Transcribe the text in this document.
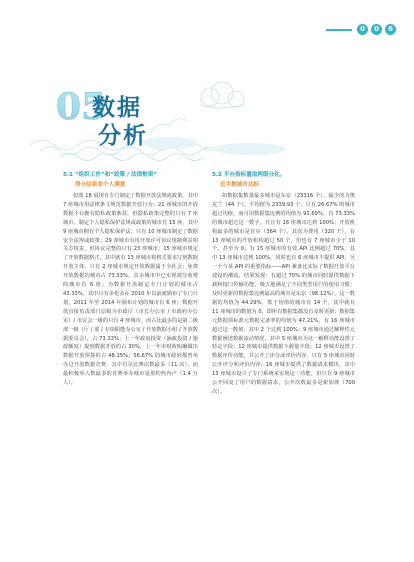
0	0	6
05
数据
分析
5.1 “组织工作”和“政策 / 法律框架”
得分结果差个人满意

如图 18 展现有专门制定了数据开放法规或政策。其中 7 座城市用法律条文规范数据开放行为；21 座城市的开放数据平台拥有隐私政策条款，但隐私政策完整的只有 7 座城市。制定个人隐私保护法规或政策的城市有 15 座，其中 9 座城市拥有个人隐私保护法；只有 10 座城市制定了数据安全法规或政策；29 座城市有用开放许可协议规制利益相关方权责，但协议完整的只有 23 座城市；15 座城市规定了开放数据格式，其中就有 13 座城市将格式要求写到数据开放主体，只有 2 座城市规定开放数据属于全社会；免费开放数据的城市占 73.33%，其余城市中已实现部分收费的城市有 6 座；为数据开放制定专门计划的城市占 43.33%，其中只有多伦多在 2010 年以前就颁布了专门计划，2011 年至 2014 年颁布计划的城市有 6 座；数据开放直接负责部门层级为市政厅（市长办公室 / 市政府办公室）/ 市议会一级的只有 4 座城市，而占比最多的是第二级部一级（厅 / 部 / 专项职能办公室 / 开放数据小组 / 开放数据委员会），占 73.33%；上一年政府投资（涵政投资 / 施政额度）提到数据开放的占 30%，上一年市财政明确做出数据开放预算的占 48.15%；56.67% 的城市政府都曾举办过开放数据竞赛，其中首尔比赛次数最多（11 次），而最积极举人数最多的竞赛举办城市是墨约热内卢（1.4 万人）。

5.2 平台指标量取两级分化。
近半数城市达标

如数据集数量最多城市是东京（23316 个），最少的为奥克兰（44 个），平均值为 2339.93 个，只有 26.67% 的城市超过均值。而可用数据集比例的均值为 91.69%，有 73.33% 的城市超过这一数字，并且有 16 座城市达到 100%；开放机构最多的城市是首尔（364 个），其次为费用（320 个），有 13 座城市的开放机构超过 50 个，但也有 7 座城市少于 10 个，甚至为 0；有 15 座城市的有效 API 比例超过 70%，其中 13 座城市达到 100%，同时也有 6 座城市不提供 API。另一个与某 API 的重要指标——API 兼备比实际了数据开放平台建设的潮流，结果发现：有超过 70% 的城市同时提供数据下载和接口传输功能，极大地满足了不同类型用户的使用习惯；及时更新的数据集比例最高的城市是东京（98.12%），这一数据的均值为 44.29%，低于均值的城市有 14 个，其中就有 11 座城市的数值为 0，即所有数据集都没有及时更新；数据集元数据项标准元数据完备率的均值为 47.21%，有 16 座城市超过这一数值，其中 2 个达到 100%；9 座城市通过解释性元数据阐述数据流动情况，其中 5 座城市为这一解释功能设置了特定字段；12 座城市提供数据下载量字段；12 座城市设置了数据评价功能，并公开了评分或评价内容，只有 5 座城市同时公开评分和评价内容；16 座城市提供了数据请求模块，其中 13 座城市设计了专门系统来实现这一功能，但只有 9 座城市公开回复了用户的数据请求，公开次数最多是新加坡（700 次）。
